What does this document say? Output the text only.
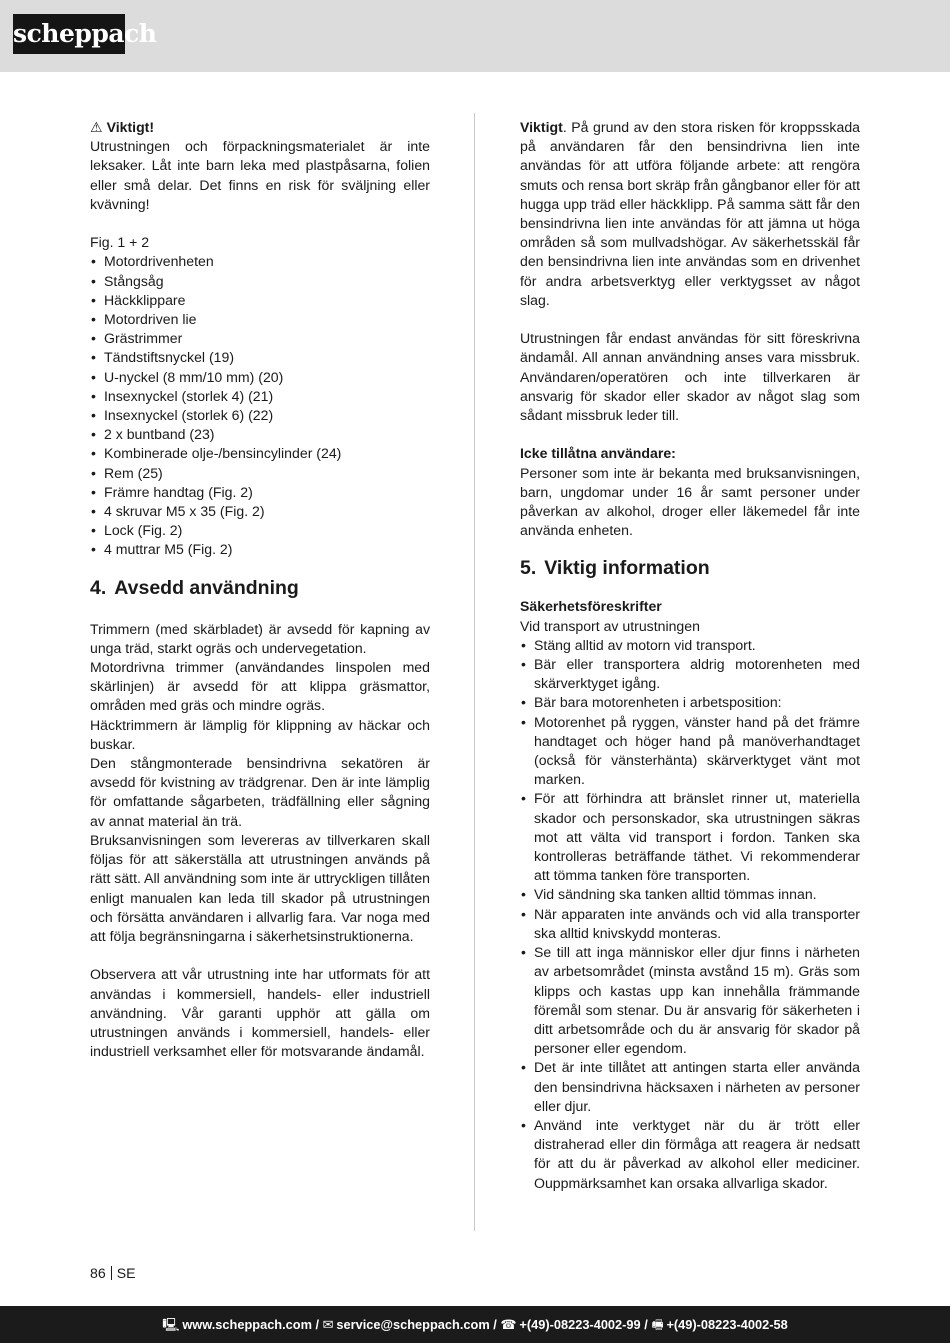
scheppach

⚠ Viktigt!

Utrustningen och förpackningsmaterialet är inte leksaker. Låt inte barn leka med plastpåsarna, folien eller små delar. Det finns en risk för sväljning eller kvävning!

Fig. 1 + 2

• Motordrivenheten
• Stångsåg
• Häckklippare
• Motordriven lie
• Grästrimmer
• Tändstiftsnyckel (19)
• U-nyckel (8 mm/10 mm) (20)
• Insexnyckel (storlek 4) (21)
• Insexnyckel (storlek 6) (22)
• 2 x buntband (23)
• Kombinerade olje-/bensincylinder (24)
• Rem (25)
• Främre handtag (Fig. 2)
• 4 skruvar M5 x 35 (Fig. 2)
• Lock (Fig. 2)
• 4 muttrar M5 (Fig. 2)
4. Avsedd användning

Trimmern (med skärbladet) är avsedd för kapning av unga träd, starkt ogräs och undervegetation.

Motordrivna trimmer (användandes linspolen med skärlinjen) är avsedd för att klippa gräsmattor, områden med gräs och mindre ogräs.

Häcktrimmern är lämplig för klippning av häckar och buskar.

Den stångmonterade bensindrivna sekatören är avsedd för kvistning av trädgrenar. Den är inte lämplig för omfattande sågarbeten, trädfällning eller sågning av annat material än trä.

Bruksanvisningen som levereras av tillverkaren skall följas för att säkerställa att utrustningen används på rätt sätt. All användning som inte är uttryckligen tillåten enligt manualen kan leda till skador på utrustningen och försätta användaren i allvarlig fara. Var noga med att följa begränsningarna i säkerhetsinstruktionerna.

Observera att vår utrustning inte har utformats för att användas i kommersiell, handels- eller industriell användning. Vår garanti upphör att gälla om utrustningen används i kommersiell, handels- eller industriell verksamhet eller för motsvarande ändamål.

Viktigt. På grund av den stora risken för kroppsskada på användaren får den bensindrivna lien inte användas för att utföra följande arbete: att rengöra smuts och rensa bort skräp från gångbanor eller för att hugga upp träd eller häckklipp. På samma sätt får den bensindrivna lien inte användas för att jämna ut höga områden så som mullvadshögar. Av säkerhetsskäl får den bensindrivna lien inte användas som en drivenhet för andra arbetsverktyg eller verktygsset av något slag.

Utrustningen får endast användas för sitt föreskrivna ändamål. All annan användning anses vara missbruk. Användaren/operatören och inte tillverkaren är ansvarig för skador eller skador av något slag som sådant missbruk leder till.

Icke tillåtna användare:

Personer som inte är bekanta med bruksanvisningen, barn, ungdomar under 16 år samt personer under påverkan av alkohol, droger eller läkemedel får inte använda enheten.

5. Viktig information

Säkerhetsföreskrifter

Vid transport av utrustningen

• Stäng alltid av motorn vid transport.
• Bär eller transportera aldrig motorenheten med skärverktyget igång.
• Bär bara motorenheten i arbetsposition:
• Motorenhet på ryggen, vänster hand på det främre handtaget och höger hand på manöverhandtaget (också för vänsterhänta) skärverktyget vänt mot marken.
• För att förhindra att bränslet rinner ut, materiella skador och personskador, ska utrustningen säkras mot att välta vid transport i fordon. Tanken ska kontrolleras beträffande täthet. Vi rekommenderar att tömma tanken före transporten.
• Vid sändning ska tanken alltid tömmas innan.
• När apparaten inte används och vid alla transporter ska alltid knivskydd monteras.
• Se till att inga människor eller djur finns i närheten av arbetsområdet (minsta avstånd 15 m). Gräs som klipps och kastas upp kan innehålla främmande föremål som stenar. Du är ansvarig för säkerheten i ditt arbetsområde och du är ansvarig för skador på personer eller egendom.
• Det är inte tillåtet att antingen starta eller använda den bensindrivna häcksaxen i närheten av personer eller djur.
• Använd inte verktyget när du är trött eller distraherad eller din förmåga att reagera är nedsatt för att du är påverkad av alkohol eller mediciner. Ouppmärksamhet kan orsaka allvarliga skador.
86 SE
🖳 www.scheppach.com / ✉ service@scheppach.com / ☎ +(49)-08223-4002-99 / 🖷 +(49)-08223-4002-58
